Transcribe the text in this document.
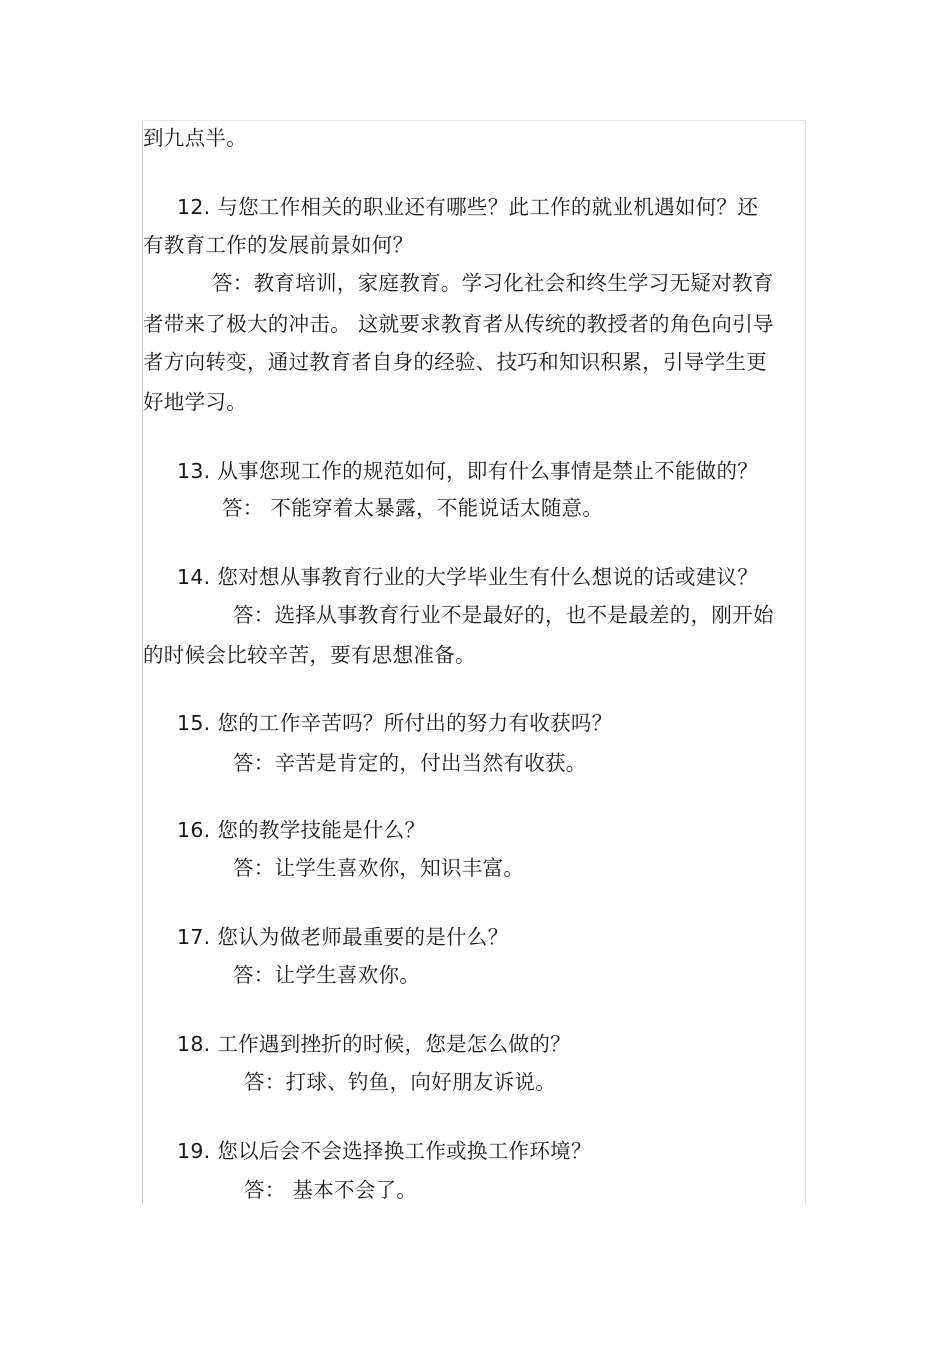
到九点半。
12. 与您工作相关的职业还有哪些？此工作的就业机遇如何？还
有教育工作的发展前景如何？
答：教育培训，家庭教育。学习化社会和终生学习无疑对教育
者带来了极大的冲击。 这就要求教育者从传统的教授者的角色向引导
者方向转变，通过教育者自身的经验、技巧和知识积累，引导学生更
好地学习。
13. 从事您现工作的规范如何，即有什么事情是禁止不能做的？
答： 不能穿着太暴露，不能说话太随意。
14. 您对想从事教育行业的大学毕业生有什么想说的话或建议？
答：选择从事教育行业不是最好的，也不是最差的，刚开始
的时候会比较辛苦，要有思想准备。
15. 您的工作辛苦吗？所付出的努力有收获吗？
答：辛苦是肯定的，付出当然有收获。
16. 您的教学技能是什么？
答：让学生喜欢你，知识丰富。
17. 您认为做老师最重要的是什么？
答：让学生喜欢你。
18. 工作遇到挫折的时候，您是怎么做的？
答：打球、钓鱼，向好朋友诉说。
19. 您以后会不会选择换工作或换工作环境？
答： 基本不会了。
